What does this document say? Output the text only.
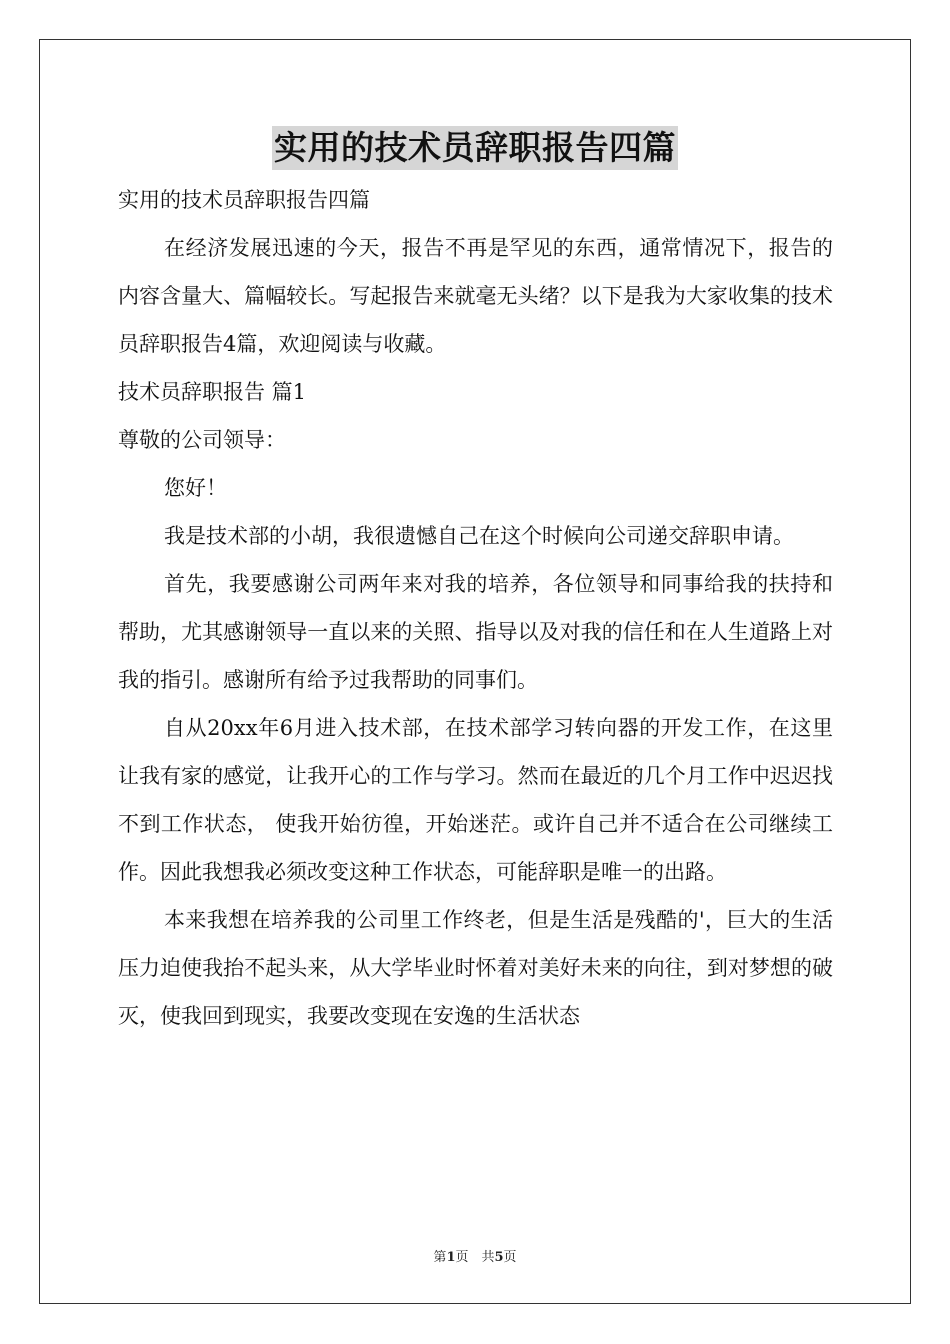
实用的技术员辞职报告四篇

实用的技术员辞职报告四篇

在经济发展迅速的今天，报告不再是罕见的东西，通常情况下，报告的内容含量大、篇幅较长。写起报告来就毫无头绪？以下是我为大家收集的技术员辞职报告4篇，欢迎阅读与收藏。

技术员辞职报告 篇1

尊敬的公司领导：

您好！

我是技术部的小胡，我很遗憾自己在这个时候向公司递交辞职申请。

首先，我要感谢公司两年来对我的培养，各位领导和同事给我的扶持和帮助，尤其感谢领导一直以来的关照、指导以及对我的信任和在人生道路上对我的指引。感谢所有给予过我帮助的同事们。

自从20xx年6月进入技术部，在技术部学习转向器的开发工作，在这里让我有家的感觉，让我开心的工作与学习。然而在最近的几个月工作中迟迟找不到工作状态， 使我开始彷徨，开始迷茫。或许自己并不适合在公司继续工作。因此我想我必须改变这种工作状态，可能辞职是唯一的出路。

本来我想在培养我的公司里工作终老，但是生活是残酷的'，巨大的生活压力迫使我抬不起头来，从大学毕业时怀着对美好未来的向往，到对梦想的破灭，使我回到现实，我要改变现在安逸的生活状态

第1页　共5页
